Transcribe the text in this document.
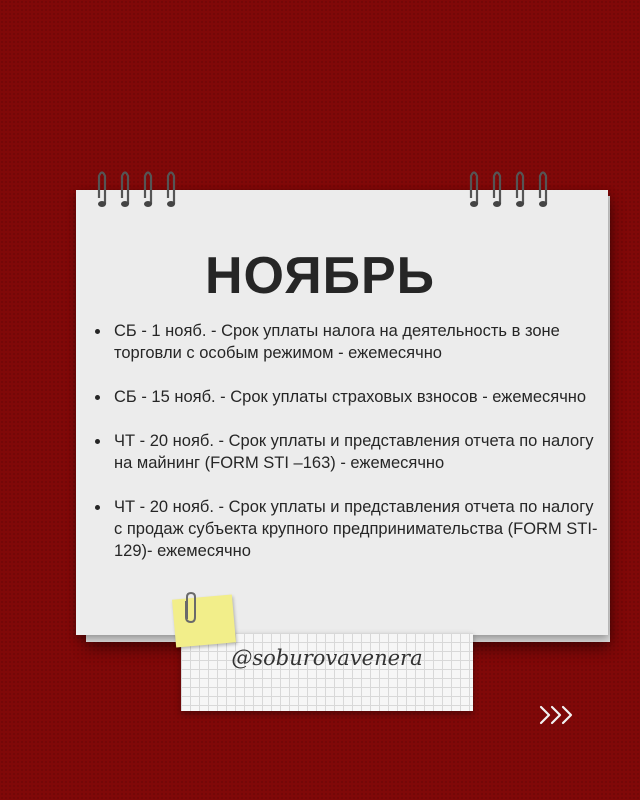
НОЯБРЬ
СБ - 1 нояб. - Срок уплаты налога на деятельность в зоне торговли с особым режимом - ежемесячно
СБ - 15 нояб. - Срок уплаты страховых взносов - ежемесячно
ЧТ - 20 нояб. - Срок уплаты и представления отчета по налогу на майнинг (FORM STI –163) - ежемесячно
ЧТ - 20 нояб. - Срок уплаты и представления отчета по налогу с продаж субъекта крупного предпринимательства (FORM STI-129)- ежемесячно

@soburovavenera
